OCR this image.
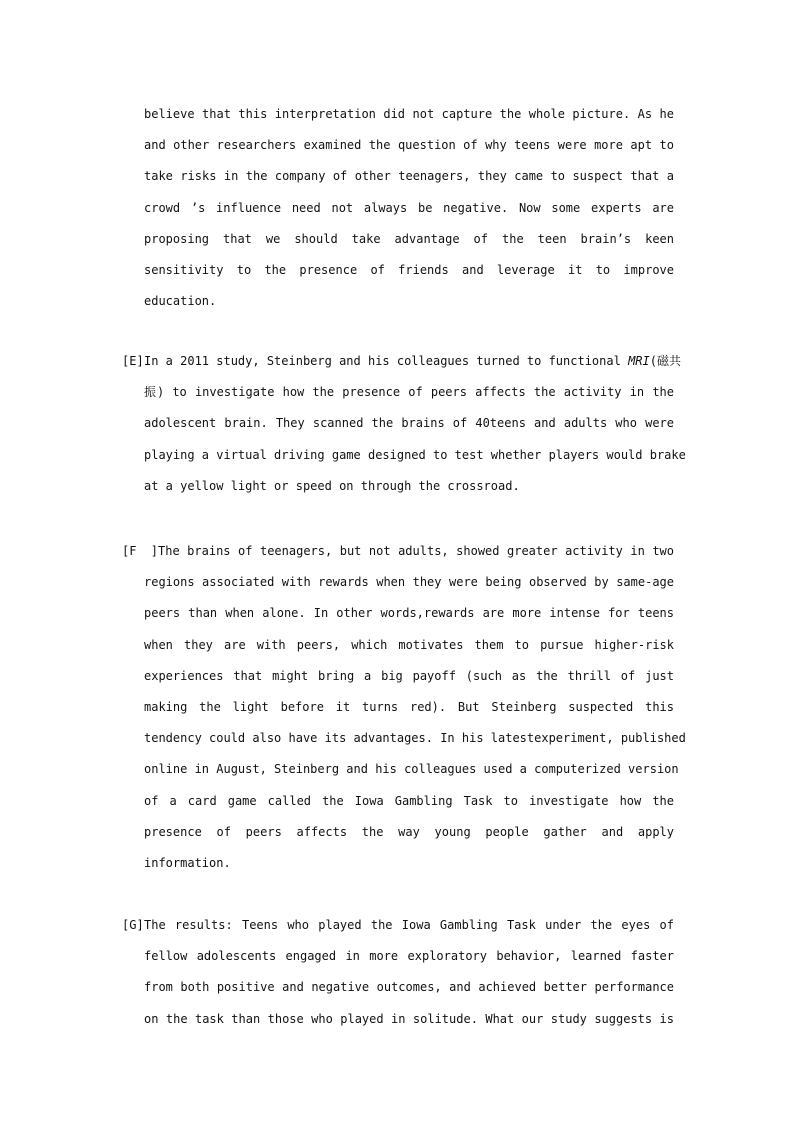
believe that this interpretation did not capture the whole picture. As he
and other researchers examined the question of why teens were more apt to
take risks in the company of other teenagers, they came to suspect that a
crowd ’s influence need not always be negative. Now some experts are
proposing that we should take advantage of the teen brain’s keen
sensitivity to the presence of friends and leverage it to improve
education.
[E]In a 2011 study, Steinberg and his colleagues turned to functional MRI(磁共
振) to investigate how the presence of peers affects the activity in the
adolescent brain. They scanned the brains of 40teens and adults who were
playing a virtual driving game designed to test whether players would brake
at a yellow light or speed on through the crossroad.
[F ]The brains of teenagers, but not adults, showed greater activity in two
regions associated with rewards when they were being observed by same-age
peers than when alone. In other words,rewards are more intense for teens
when they are with peers, which motivates them to pursue higher-risk
experiences that might bring a big payoff (such as the thrill of just
making the light before it turns red). But Steinberg suspected this
tendency could also have its advantages. In his latestexperiment, published
online in August, Steinberg and his colleagues used a computerized version
of a card game called the Iowa Gambling Task to investigate how the
presence of peers affects the way young people gather and apply
information.
[G]The results: Teens who played the Iowa Gambling Task under the eyes of
fellow adolescents engaged in more exploratory behavior, learned faster
from both positive and negative outcomes, and achieved better performance
on the task than those who played in solitude. What our study suggests is
